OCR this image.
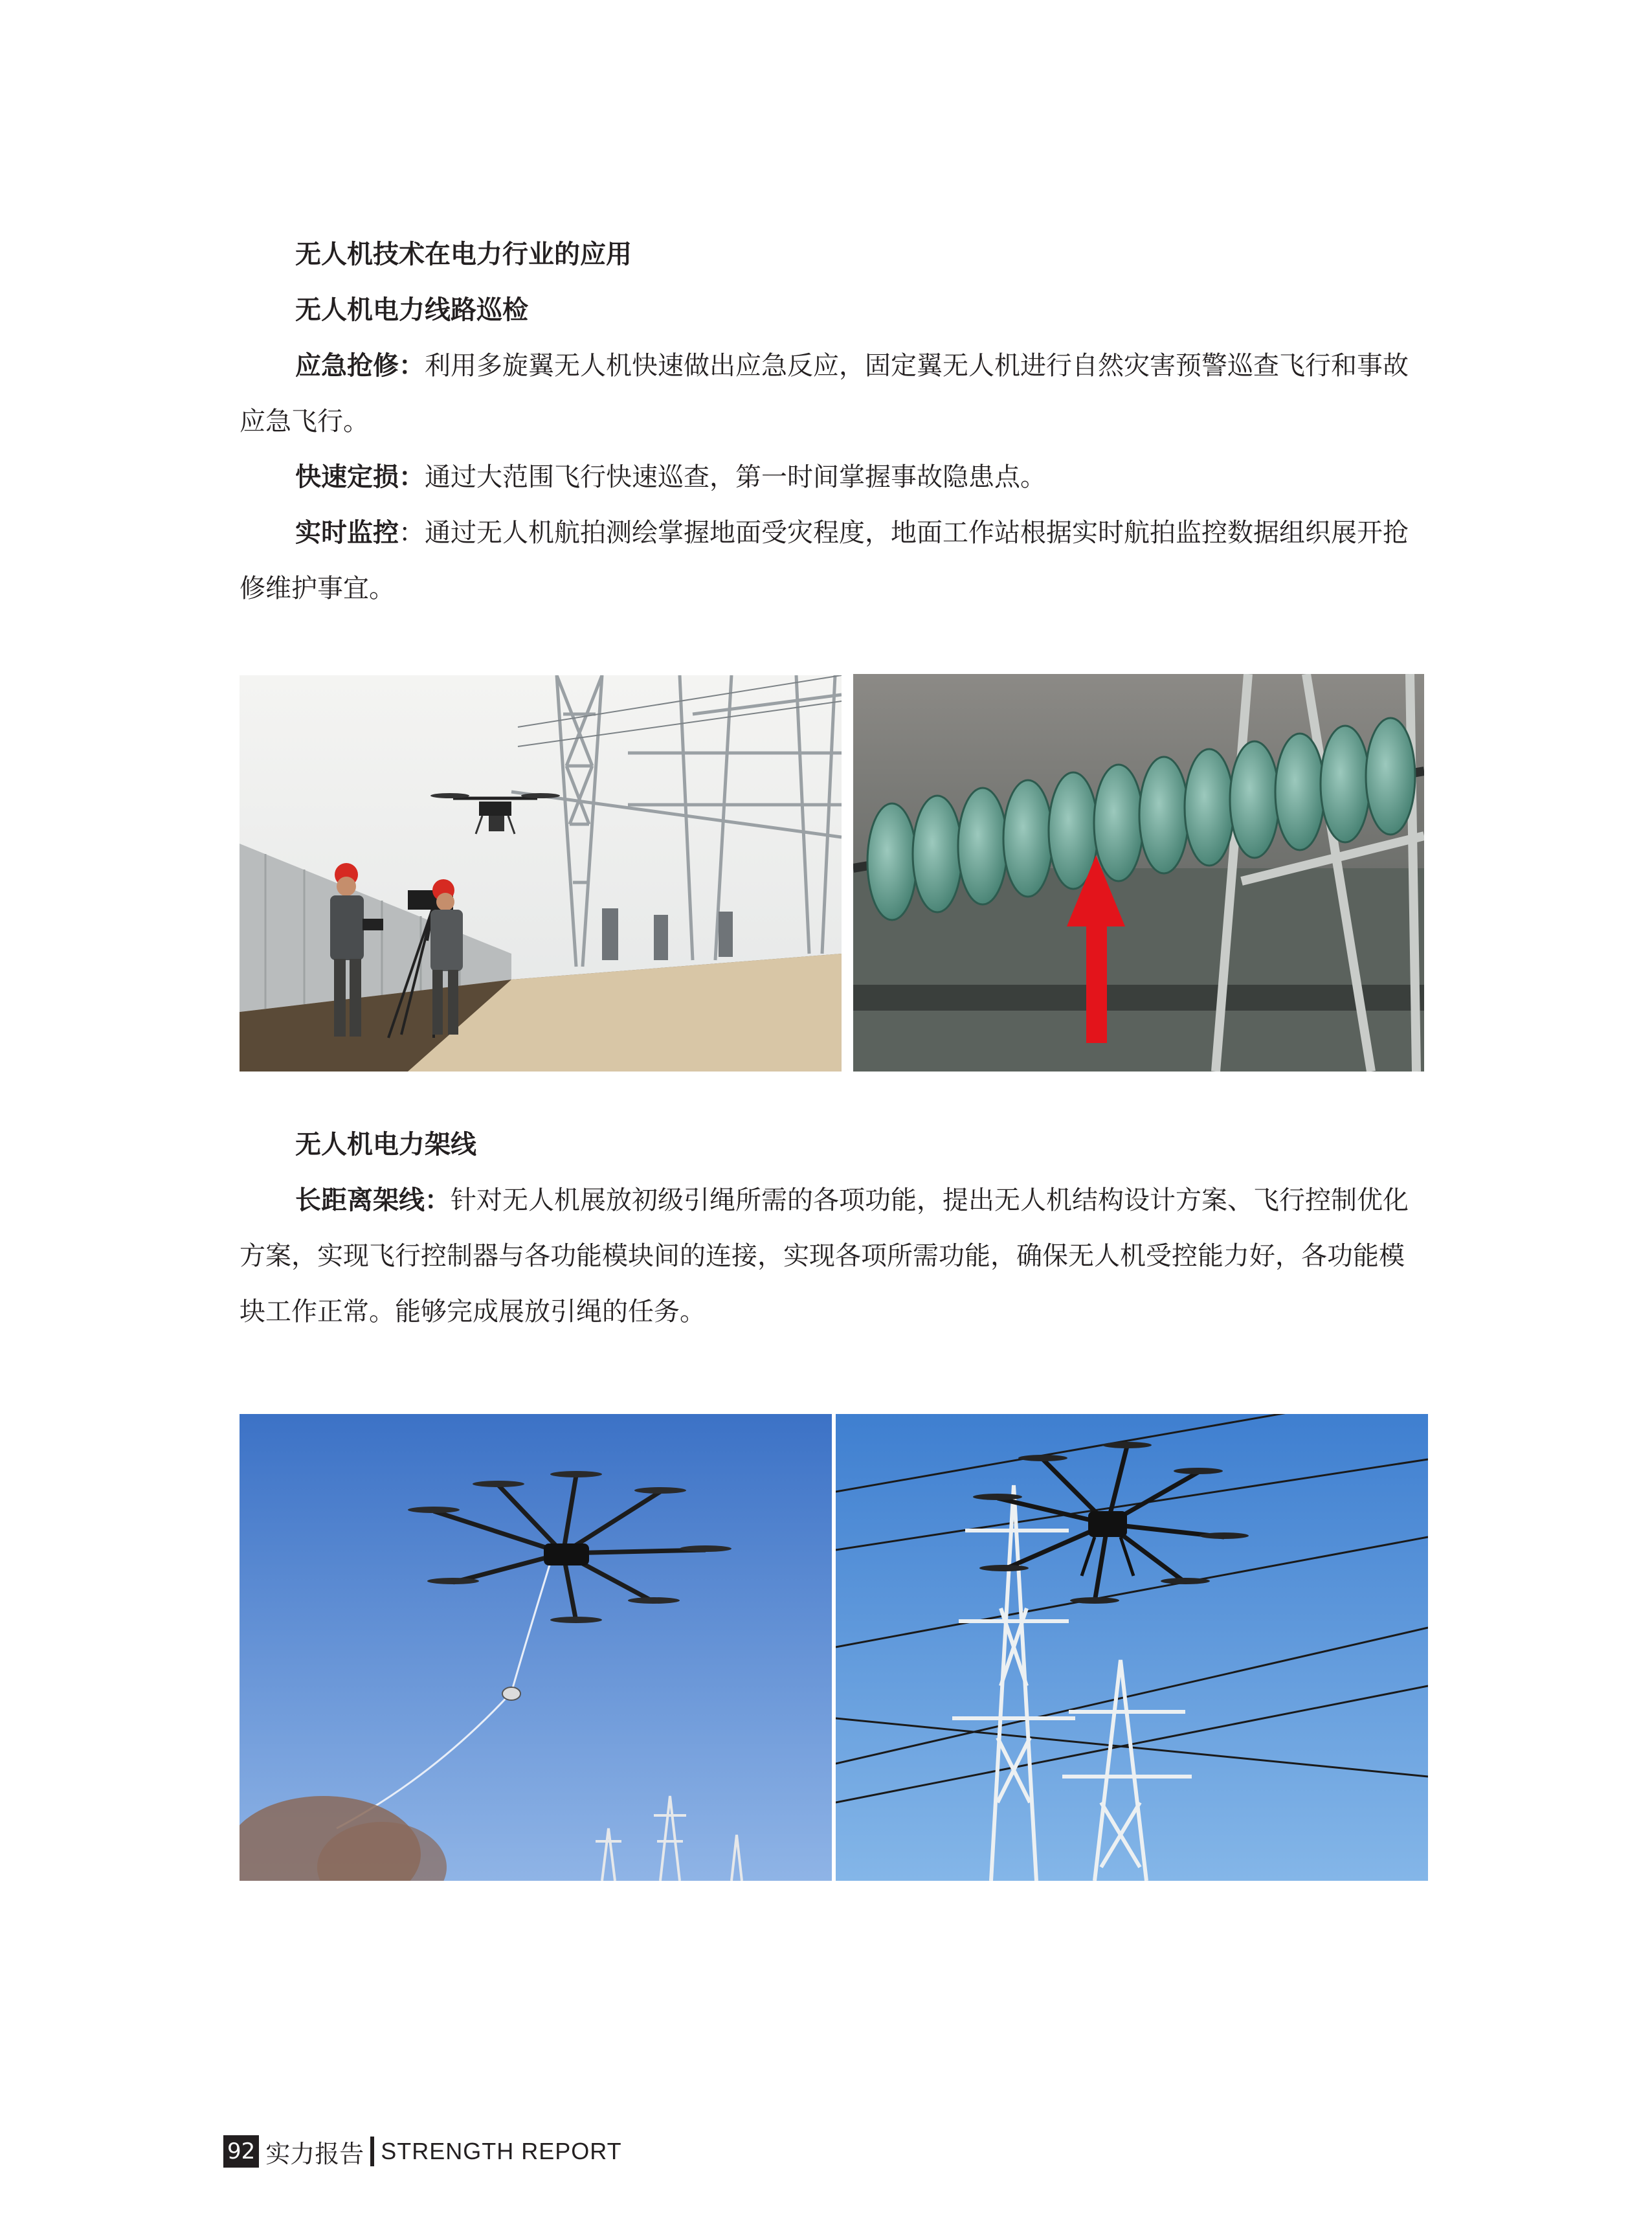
无人机技术在电力行业的应用

无人机电力线路巡检

应急抢修：利用多旋翼无人机快速做出应急反应，固定翼无人机进行自然灾害预警巡查飞行和事故应急飞行。

快速定损：通过大范围飞行快速巡查，第一时间掌握事故隐患点。

实时监控：通过无人机航拍测绘掌握地面受灾程度，地面工作站根据实时航拍监控数据组织展开抢修维护事宜。

无人机电力架线

长距离架线：针对无人机展放初级引绳所需的各项功能，提出无人机结构设计方案、飞行控制优化方案，实现飞行控制器与各功能模块间的连接，实现各项所需功能，确保无人机受控能力好，各功能模块工作正常。能够完成展放引绳的任务。

92 实力报告 STRENGTH REPORT
